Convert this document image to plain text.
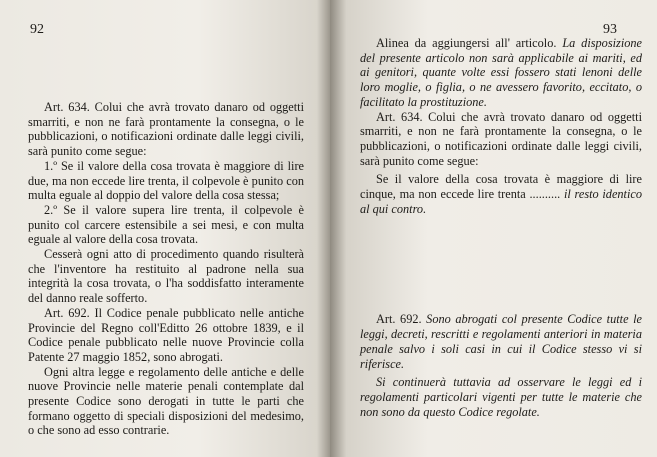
92

Art. 634. Colui che avrà trovato danaro od oggetti smarriti, e non ne farà prontamente la consegna, o le pubblicazioni, o notificazioni ordinate dalle leggi civili, sarà punito come segue:

1.º Se il valore della cosa trovata è maggiore di lire due, ma non eccede lire trenta, il colpevole è punito con multa eguale al doppio del valore della cosa stessa;

2.º Se il valore supera lire trenta, il colpevole è punito col carcere estensibile a sei mesi, e con multa eguale al valore della cosa trovata.

Cesserà ogni atto di procedimento quando risulterà che l'inventore ha restituito al padrone nella sua integrità la cosa trovata, o l'ha soddisfatto interamente del danno reale sofferto.

Art. 692. Il Codice penale pubblicato nelle antiche Provincie del Regno coll'Editto 26 ottobre 1839, e il Codice penale pubblicato nelle nuove Provincie colla Patente 27 maggio 1852, sono abrogati.

Ogni altra legge e regolamento delle antiche e delle nuove Provincie nelle materie penali contemplate dal presente Codice sono derogati in tutte le parti che formano oggetto di speciali disposizioni del medesimo, o che sono ad esso contrarie.

93

Alinea da aggiungersi all' articolo. La disposizione del presente articolo non sarà applicabile ai mariti, ed ai genitori, quante volte essi fossero stati lenoni delle loro moglie, o figlia, o ne avessero favorito, eccitato, o facilitato la prostituzione.

Art. 634. Colui che avrà trovato danaro od oggetti smarriti, e non ne farà prontamente la consegna, o le pubblicazioni, o notificazioni ordinate dalle leggi civili, sarà punito come segue:

Se il valore della cosa trovata è maggiore di lire cinque, ma non eccede lire trenta .......... il resto identico al qui contro.

Art. 692. Sono abrogati col presente Codice tutte le leggi, decreti, rescritti e regolamenti anteriori in materia penale salvo i soli casi in cui il Codice stesso vi si riferisce.

Si continuerà tuttavia ad osservare le leggi ed i regolamenti particolari vigenti per tutte le materie che non sono da questo Codice regolate.
